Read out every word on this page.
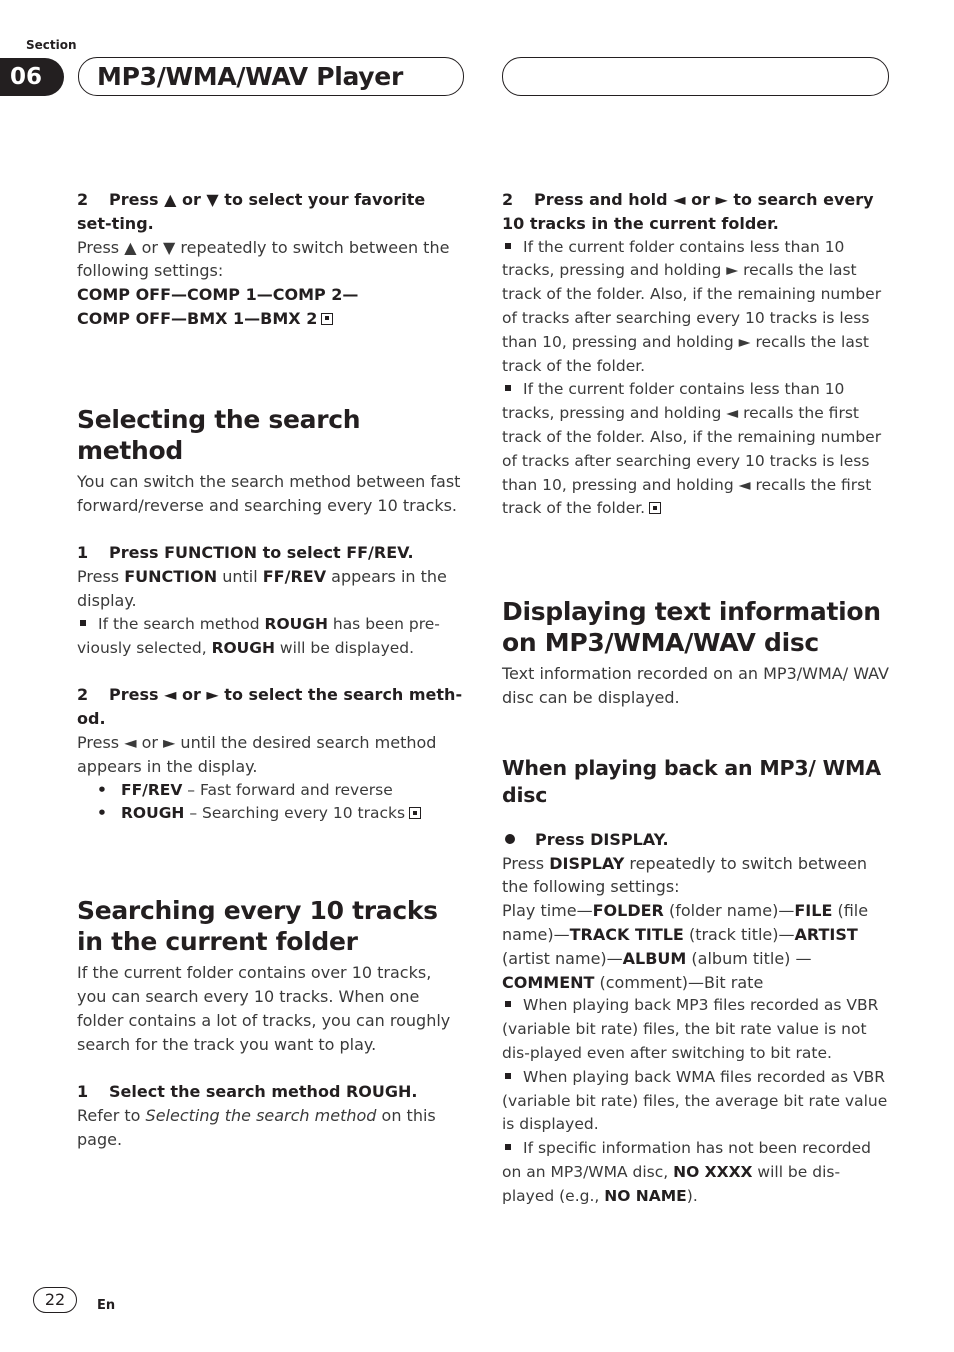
Section
06	MP3/WMA/WAV Player

2 Press ▲ or ▼ to select your favorite set-ting.

Press ▲ or ▼ repeatedly to switch between the following settings:

COMP OFF—COMP 1—COMP 2—
COMP OFF—BMX 1—BMX 2

Selecting the search method

You can switch the search method between fast forward/reverse and searching every 10 tracks.

1 Press FUNCTION to select FF/REV.

Press FUNCTION until FF/REV appears in the display.

If the search method ROUGH has been pre-viously selected, ROUGH will be displayed.

2 Press ◄ or ► to select the search meth-od.

Press ◄ or ► until the desired search method appears in the display.

• FF/REV – Fast forward and reverse

• ROUGH – Searching every 10 tracks

Searching every 10 tracks in the current folder

If the current folder contains over 10 tracks, you can search every 10 tracks. When one folder contains a lot of tracks, you can roughly search for the track you want to play.

1 Select the search method ROUGH.

Refer to Selecting the search method on this page.

2 Press and hold ◄ or ► to search every 10 tracks in the current folder.

If the current folder contains less than 10 tracks, pressing and holding ► recalls the last track of the folder. Also, if the remaining number of tracks after searching every 10 tracks is less than 10, pressing and holding ► recalls the last track of the folder.

If the current folder contains less than 10 tracks, pressing and holding ◄ recalls the first track of the folder. Also, if the remaining number of tracks after searching every 10 tracks is less than 10, pressing and holding ◄ recalls the first track of the folder.

Displaying text information on MP3/WMA/WAV disc

Text information recorded on an MP3/WMA/ WAV disc can be displayed.

When playing back an MP3/ WMA disc

Press DISPLAY.

Press DISPLAY repeatedly to switch between the following settings:

Play time—FOLDER (folder name)—FILE (file name)—TRACK TITLE (track title)—ARTIST (artist name)—ALBUM (album title) —COMMENT (comment)—Bit rate

When playing back MP3 files recorded as VBR (variable bit rate) files, the bit rate value is not dis-played even after switching to bit rate.

When playing back WMA files recorded as VBR (variable bit rate) files, the average bit rate value is displayed.

If specific information has not been recorded on an MP3/WMA disc, NO XXXX will be dis-played (e.g., NO NAME).

22	En
